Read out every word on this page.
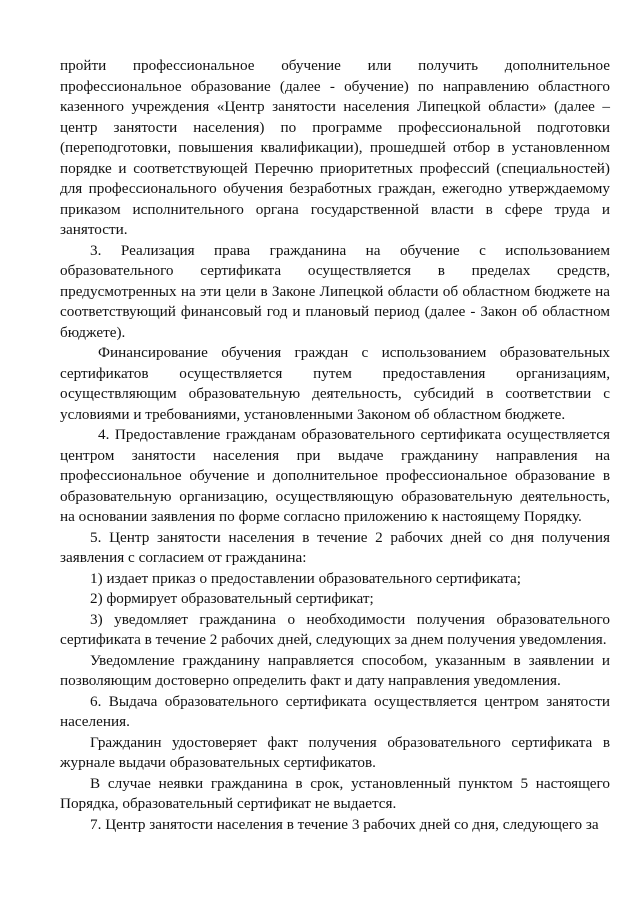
пройти профессиональное обучение или получить дополнительное профессиональное образование (далее - обучение) по направлению областного казенного учреждения «Центр занятости населения Липецкой области» (далее – центр занятости населения) по программе профессиональной подготовки (переподготовки, повышения квалификации), прошедшей отбор в установленном порядке и соответствующей Перечню приоритетных профессий (специальностей) для профессионального обучения безработных граждан, ежегодно утверждаемому приказом исполнительного органа государственной власти в сфере труда и занятости.

3. Реализация права гражданина на обучение с использованием образовательного сертификата осуществляется в пределах средств, предусмотренных на эти цели в Законе Липецкой области об областном бюджете на соответствующий финансовый год и плановый период (далее - Закон об областном бюджете).

Финансирование обучения граждан с использованием образовательных сертификатов осуществляется путем предоставления организациям, осуществляющим образовательную деятельность, субсидий в соответствии с условиями и требованиями, установленными Законом об областном бюджете.

4. Предоставление гражданам образовательного сертификата осуществляется центром занятости населения при выдаче гражданину направления на профессиональное обучение и дополнительное профессиональное образование в образовательную организацию, осуществляющую образовательную деятельность, на основании заявления по форме согласно приложению к настоящему Порядку.

5. Центр занятости населения в течение 2 рабочих дней со дня получения заявления с согласием от гражданина:

1) издает приказ о предоставлении образовательного сертификата;

2) формирует образовательный сертификат;

3) уведомляет гражданина о необходимости получения образовательного сертификата в течение 2 рабочих дней, следующих за днем получения уведомления.

Уведомление гражданину направляется способом, указанным в заявлении и позволяющим достоверно определить факт и дату направления уведомления.

6. Выдача образовательного сертификата осуществляется центром занятости населения.

Гражданин удостоверяет факт получения образовательного сертификата в журнале выдачи образовательных сертификатов.

В случае неявки гражданина в срок, установленный пунктом 5 настоящего Порядка, образовательный сертификат не выдается.

7. Центр занятости населения в течение 3 рабочих дней со дня, следующего за
